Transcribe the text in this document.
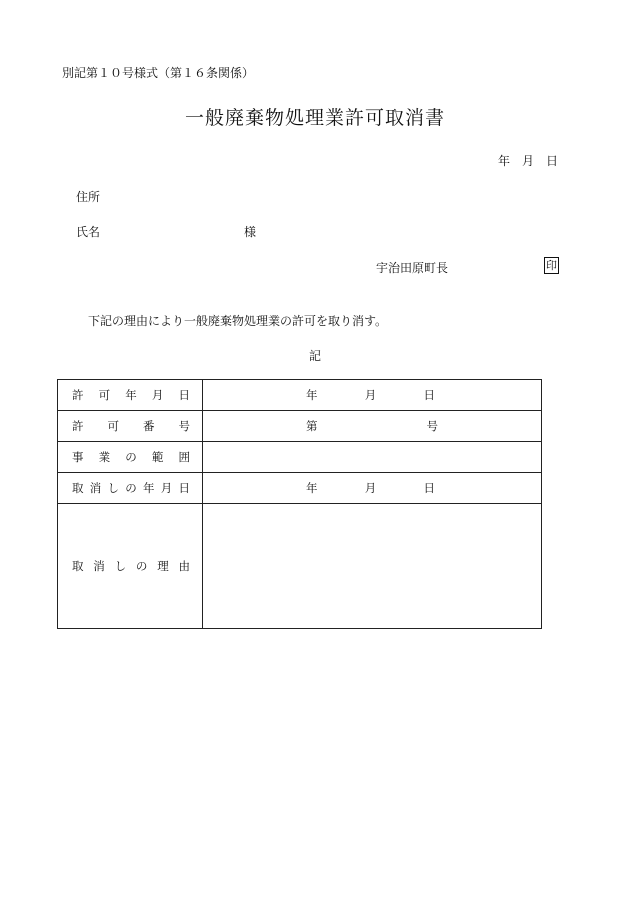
別記第１０号様式（第１６条関係）
一般廃棄物処理業許可取消書
年　月　日
住所
氏名	様
宇治田原町長	印
下記の理由により一般廃棄物処理業の許可を取り消す。
記
許可年月日	年 月 日

許可番号	第 号

事業の範囲	
取消しの年月日	年 月 日

取消しの理由	
